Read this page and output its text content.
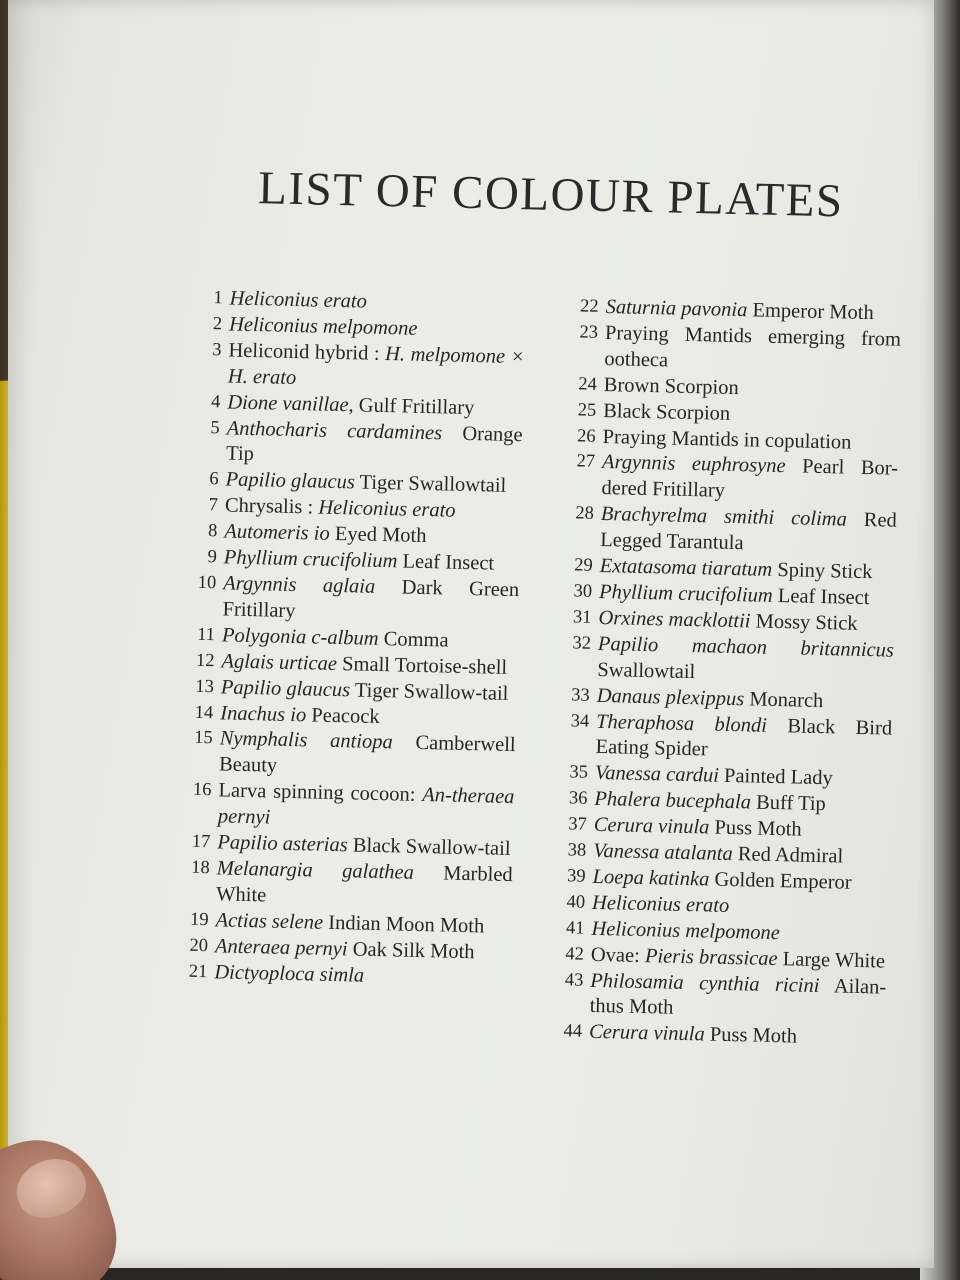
LIST OF COLOUR PLATES
1 Heliconius erato
2 Heliconius melpomone
3 Heliconid hybrid : H. melpomone × H. erato
4 Dione vanillae, Gulf Fritillary
5 Anthocharis cardamines Orange Tip
6 Papilio glaucus Tiger Swallowtail
7 Chrysalis : Heliconius erato
8 Automeris io Eyed Moth
9 Phyllium crucifolium Leaf Insect
10 Argynnis aglaia Dark Green Fritillary
11 Polygonia c-album Comma
12 Aglais urticae Small Tortoise-shell
13 Papilio glaucus Tiger Swallow-tail
14 Inachus io Peacock
15 Nymphalis antiopa Camberwell Beauty
16 Larva spinning cocoon: An-theraea pernyi
17 Papilio asterias Black Swallow-tail
18 Melanargia galathea Marbled White
19 Actias selene Indian Moon Moth
20 Anteraea pernyi Oak Silk Moth
21 Dictyoploca simla
22 Saturnia pavonia Emperor Moth
23 Praying Mantids emerging from ootheca
24 Brown Scorpion
25 Black Scorpion
26 Praying Mantids in copulation
27 Argynnis euphrosyne Pearl Bor-dered Fritillary
28 Brachyrelma smithi colima Red Legged Tarantula
29 Extatasoma tiaratum Spiny Stick
30 Phyllium crucifolium Leaf Insect
31 Orxines macklottii Mossy Stick
32 Papilio machaon britannicus Swallowtail
33 Danaus plexippus Monarch
34 Theraphosa blondi Black Bird Eating Spider
35 Vanessa cardui Painted Lady
36 Phalera bucephala Buff Tip
37 Cerura vinula Puss Moth
38 Vanessa atalanta Red Admiral
39 Loepa katinka Golden Emperor
40 Heliconius erato
41 Heliconius melpomone
42 Ovae: Pieris brassicae Large White
43 Philosamia cynthia ricini Ailan-thus Moth
44 Cerura vinula Puss Moth
